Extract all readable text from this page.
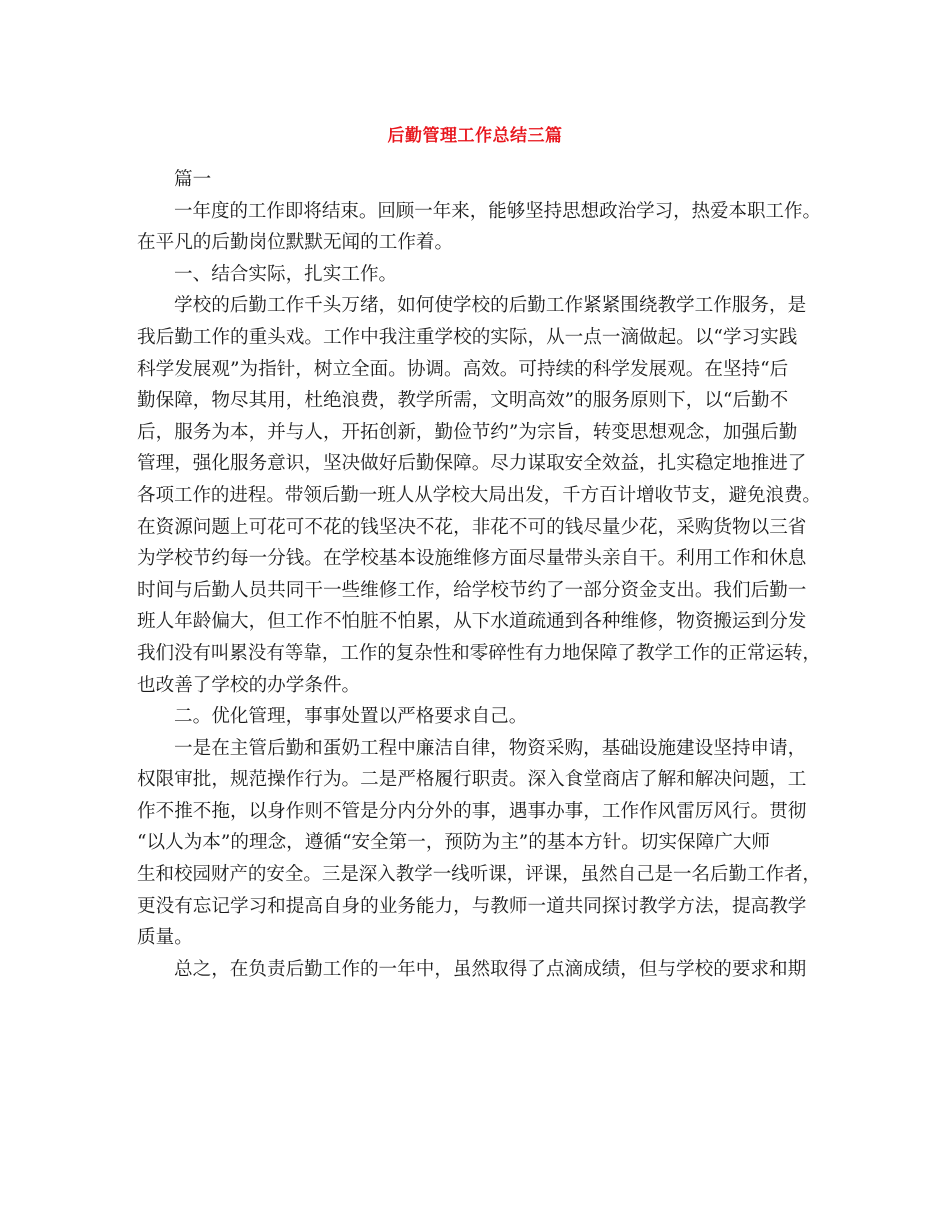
后勤管理工作总结三篇
篇一
一年度的工作即将结束。回顾一年来，能够坚持思想政治学习，热爱本职工作。
在平凡的后勤岗位默默无闻的工作着。
一、结合实际，扎实工作。
学校的后勤工作千头万绪，如何使学校的后勤工作紧紧围绕教学工作服务，是
我后勤工作的重头戏。工作中我注重学校的实际，从一点一滴做起。以“学习实践
科学发展观”为指针，树立全面。协调。高效。可持续的科学发展观。在坚持“后
勤保障，物尽其用，杜绝浪费，教学所需，文明高效”的服务原则下，以“后勤不
后，服务为本，并与人，开拓创新，勤俭节约”为宗旨，转变思想观念，加强后勤
管理，强化服务意识，坚决做好后勤保障。尽力谋取安全效益，扎实稳定地推进了
各项工作的进程。带领后勤一班人从学校大局出发，千方百计增收节支，避免浪费。
在资源问题上可花可不花的钱坚决不花，非花不可的钱尽量少花，采购货物以三省
为学校节约每一分钱。在学校基本设施维修方面尽量带头亲自干。利用工作和休息
时间与后勤人员共同干一些维修工作，给学校节约了一部分资金支出。我们后勤一
班人年龄偏大，但工作不怕脏不怕累，从下水道疏通到各种维修，物资搬运到分发
我们没有叫累没有等靠，工作的复杂性和零碎性有力地保障了教学工作的正常运转，
也改善了学校的办学条件。
二。优化管理，事事处置以严格要求自己。
一是在主管后勤和蛋奶工程中廉洁自律，物资采购，基础设施建设坚持申请，
权限审批，规范操作行为。二是严格履行职责。深入食堂商店了解和解决问题，工
作不推不拖，以身作则不管是分内分外的事，遇事办事，工作作风雷厉风行。贯彻
“以人为本”的理念，遵循“安全第一，预防为主”的基本方针。切实保障广大师
生和校园财产的安全。三是深入教学一线听课，评课，虽然自己是一名后勤工作者，
更没有忘记学习和提高自身的业务能力，与教师一道共同探讨教学方法，提高教学
质量。
总之，在负责后勤工作的一年中，虽然取得了点滴成绩，但与学校的要求和期
